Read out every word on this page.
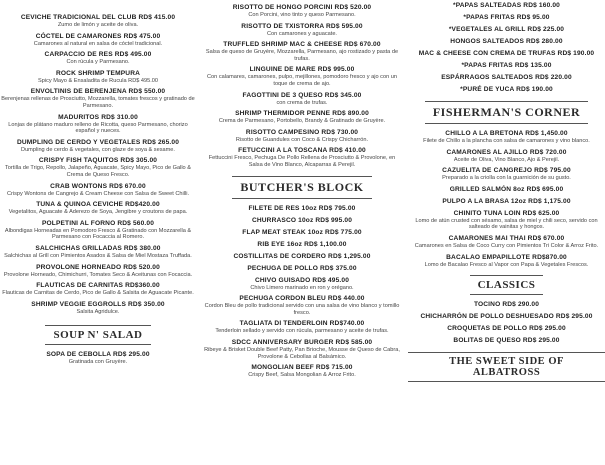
CEVICHE TRADICIONAL DEL CLUB RD$ 415.00
Zumo de limón y aceite de oliva.
CÓCTEL DE CAMARONES RD$ 475.00
Camarones al natural en salsa de cóctel tradicional.
CARPACCIO DE RES RD$ 495.00
Con rúcula y Parmesano.
ROCK SHRIMP TEMPURA
Spicy Mayo & Ensaladita de Rucula RD$ 495.00
ENVOLTINIS DE BERENJENA RD$ 550.00
Berenjenas rellenas de Prosciutto, Mozzarella, tomates frescos y gratinado de Parmesano.
MADURITOS RD$ 310.00
Lonjas de plátano maduro relleno de Ricotta, queso Parmesano, chorizo español y nueces.
DUMPLING DE CERDO Y VEGETALES RD$ 265.00
Dumpling de cerdo & vegetales, con glaze de soya & sesame.
CRISPY FISH TAQUITOS RD$ 305.00
Tortilla de Trigo, Repollo, Jalapeño, Aguacate, Spicy Mayo, Pico de Gallo & Crema de Queso Fresco.
CRAB WONTONS RD$ 670.00
Crispy Wontons de Cangrejo & Cream Cheese con Salsa de Sweet Chilli.
TUNA & QUINOA CEVICHE RD$420.00
Vegetalitos, Aguacate & Aderezo de Soya, Jengibre y croutons de papa.
POLPETINI AL FORNO RD$ 560.00
Albondigas Horneadas en Pomodoro Fresco & Gratinado con Mozzarella & Parmesano con Focaccia al Romero.
SALCHICHAS GRILLADAS RD$ 380.00
Salchichas al Grill con Pimientos Asados & Salsa de Miel Mostaza Truffada.
PROVOLONE HORNEADO RD$ 520.00
Provolone Horneado, Chimichurri, Tomates Seco & Aceitunas con Focaccia.
FLAUTICAS DE CARNITAS RD$360.00
Flauticas de Carnitas de Cerdo, Pico de Gallo & Salsita de Aguacate Picante.
SHRIMP VEGGIE EGGROLLS RD$ 350.00
Salsita Agridulce.
SOUP N' SALAD
SOPA DE CEBOLLA RD$ 295.00
Gratinada con Gruyère.
RISOTTO DE HONGO PORCINI RD$ 520.00
Con Porcini, vino tinto y queso Parmesano.
RISOTTO DE TXISTORRA RD$ 595.00
Con camarones y aguacate.
TRUFFLED SHRIMP MAC & CHEESE RD$ 670.00
Salsa de queso de Gruyère, Mozzarella, Parmesano, ajo rostizado y pasta de trufas.
LINGUINE DE MARE RD$ 995.00
Con calamares, camarones, pulpo, mejillones, pomodoro fresco y ajo con un toque de crema de ajo.
FAGOTTINI DE 3 QUESO RD$ 345.00
con crema de trufas.
SHRIMP THERMIDOR PENNE RD$ 890.00
Crema de Parmesano, Portobello, Brandy & Gratinado de Gruyère.
RISOTTO CAMPESINO RD$ 730.00
Risotto de Guandules con Coco & Crispy Chicharrón.
FETUCCINI A LA TOSCANA RD$ 410.00
Fettuccini Fresco, Pechuga De Pollo Rellena de Prosciutto & Provolone, en Salsa de Vino Blanco, Alcaparras & Perejil.
BUTCHER'S BLOCK
FILETE DE RES 10oz RD$ 795.00
CHURRASCO 10oz RD$ 995.00
FLAP MEAT STEAK 10oz RD$ 775.00
RIB EYE 16oz RD$ 1,100.00
COSTILLITAS DE CORDERO RD$ 1,295.00
PECHUGA DE POLLO RD$ 375.00
CHIVO GUISADO RD$ 495.00
Chivo Limero marinado en ron y orégano.
PECHUGA CORDON BLEU RD$ 440.00
Cordon Bleu de pollo tradicional servido con una salsa de vino blanco y tomillo fresco.
TAGLIATA DI TENDERLOIN RD$740.00
Tenderloin sellado y servido con rúcula, parmesano y aceite de trufas.
SDCC ANNIVERSARY BURGER RD$ 585.00
Ribeye & Brisket Double Beef Patty, Pan Brioche, Mousse de Queso de Cabra, Provolone & Cebollas al Balsámico.
MONGOLIAN BEEF RD$ 715.00
Crispy Beef, Salsa Mongolian & Arroz Frito.
*PAPAS SALTEADAS RD$ 160.00
*PAPAS FRITAS RD$ 95.00
*VEGETALES AL GRILL RD$ 225.00
HONGOS SALTEADOS RD$ 280.00
MAC & CHEESE CON CREMA DE TRUFAS RD$ 190.00
*PAPAS FRITAS RD$ 135.00
ESPÁRRAGOS SALTEADOS RD$ 220.00
*PURÉ DE YUCA RD$ 190.00
FISHERMAN'S CORNER
CHILLO A LA BRETONA RD$ 1,450.00
Filete de Chillo a la plancha con salsa de camarones y vino blanco.
CAMARONES AL AJILLO RD$ 720.00
Aceite de Oliva, Vino Blanco, Ajo & Perejil.
CAZUELITA DE CANGREJO RD$ 795.00
Preparado a la criolla con la guarnición de su gusto.
GRILLED SALMÓN 8oz RD$ 695.00
PULPO A LA BRASA 12oz RD$ 1,175.00
CHINITO TUNA LOIN RD$ 625.00
Lomo de atún crusted con sésamo, salsa de miel y chili seco, servido con salteado de vainitas y hongos.
CAMARONES MAI THAI RD$ 670.00
Camarones en Salsa de Coco Curry con Pimientos Tri Color & Arroz Frito.
BACALAO EMPAPILLOTE RD$870.00
Lomo de Bacalao Fresco al Vapor con Papa & Vegetales Frescos.
CLASSICS
TOCINO RD$ 290.00
CHICHARRÓN DE POLLO DESHUESADO RD$ 295.00
CROQUETAS DE POLLO RD$ 295.00
BOLITAS DE QUESO RD$ 295.00
THE SWEET SIDE OF ALBATROSS
